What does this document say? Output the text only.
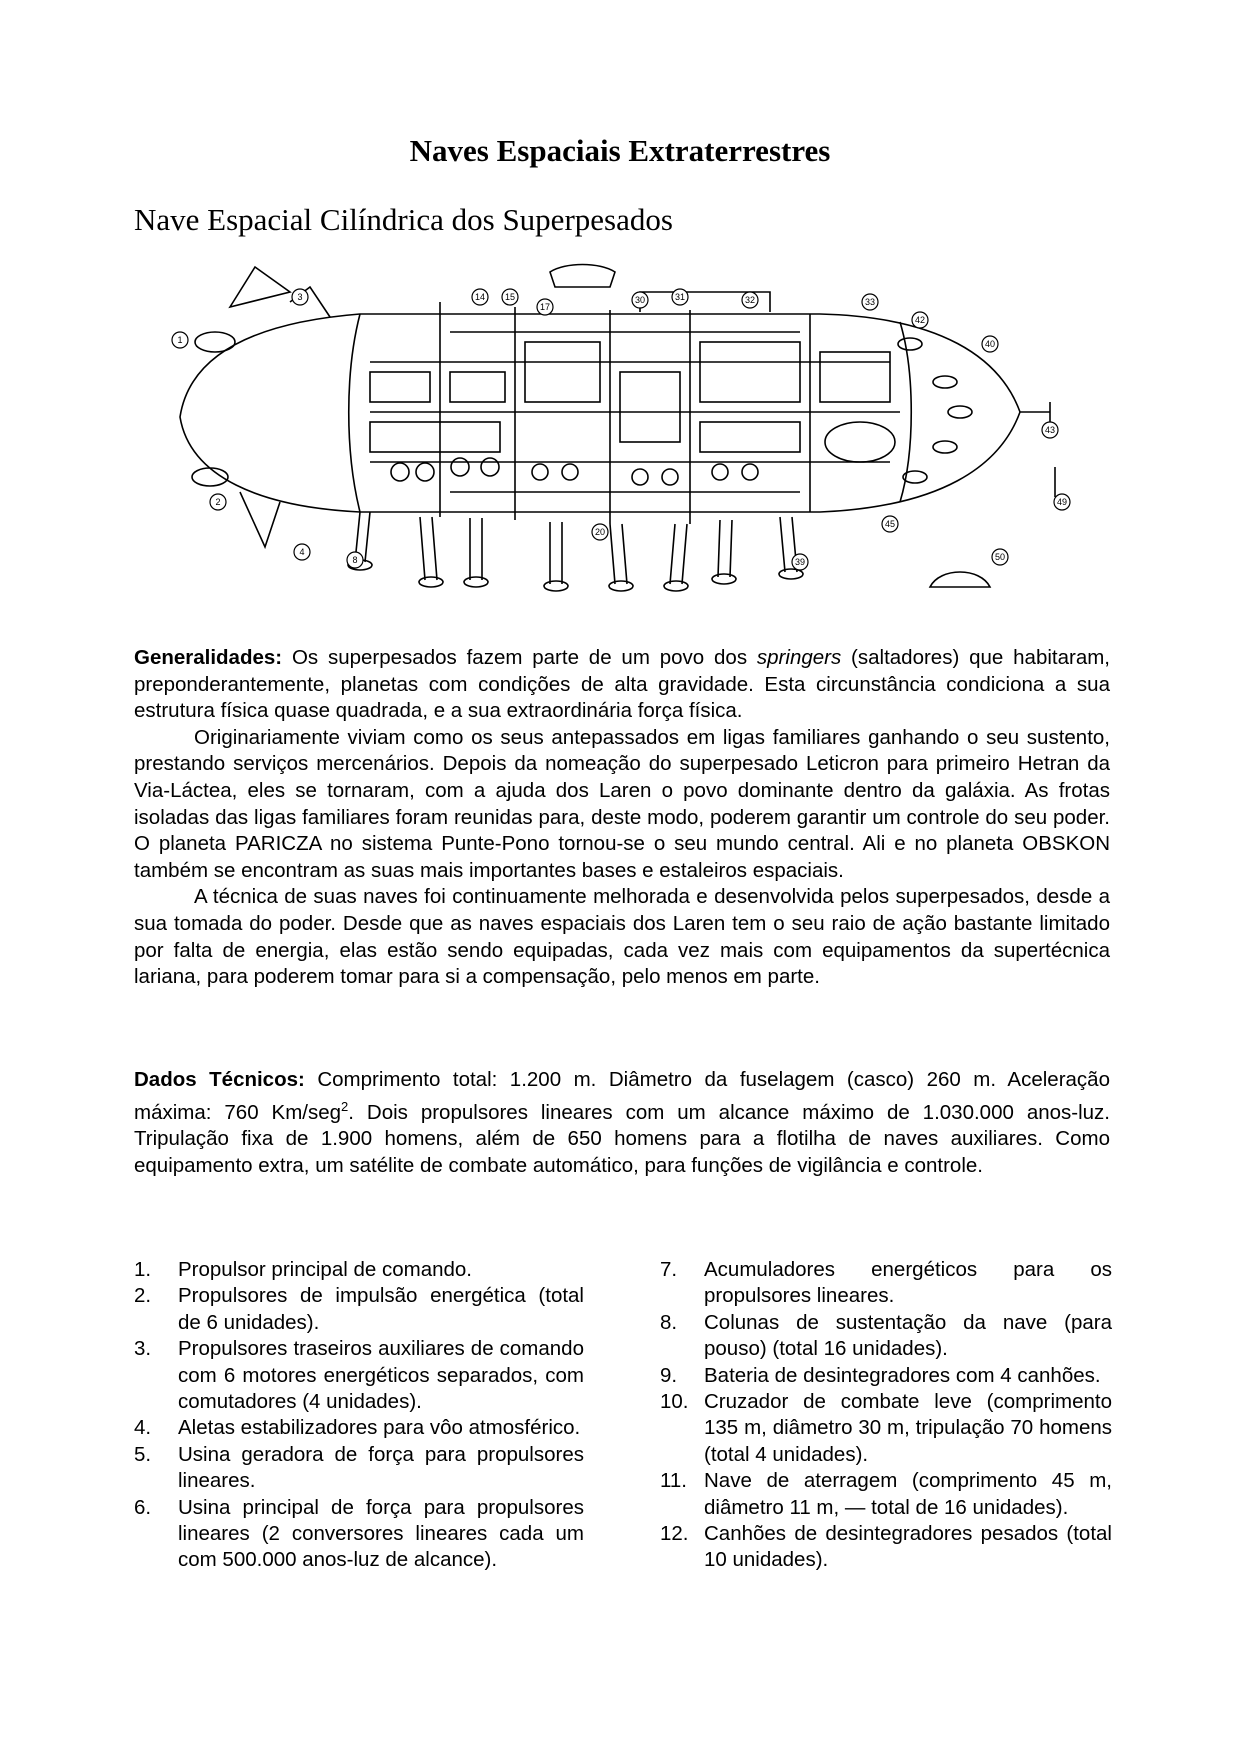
Naves Espaciais Extraterrestres
Nave Espacial Cilíndrica dos Superpesados
1
2
3
4
8
14 15
17
30	31	32	33
42
40
43
49
50
45
39
20

Generalidades: Os superpesados fazem parte de um povo dos springers (saltadores) que habitaram, preponderantemente, planetas com condições de alta gravidade. Esta circunstância condiciona a sua estrutura física quase quadrada, e a sua extraordinária força física.

Originariamente viviam como os seus antepassados em ligas familiares ganhando o seu sustento, prestando serviços mercenários. Depois da nomeação do superpesado Leticron para primeiro Hetran da Via-Láctea, eles se tornaram, com a ajuda dos Laren o povo dominante dentro da galáxia. As frotas isoladas das ligas familiares foram reunidas para, deste modo, poderem garantir um controle do seu poder. O planeta PARICZA no sistema Punte-Pono tornou-se o seu mundo central. Ali e no planeta OBSKON também se encontram as suas mais importantes bases e estaleiros espaciais.

A técnica de suas naves foi continuamente melhorada e desenvolvida pelos superpesados, desde a sua tomada do poder. Desde que as naves espaciais dos Laren tem o seu raio de ação bastante limitado por falta de energia, elas estão sendo equipadas, cada vez mais com equipamentos da supertécnica lariana, para poderem tomar para si a compensação, pelo menos em parte.

Dados Técnicos: Comprimento total: 1.200 m. Diâmetro da fuselagem (casco) 260 m. Aceleração máxima: 760 Km/seg$^2$. Dois propulsores lineares com um alcance máximo de 1.030.000 anos-luz. Tripulação fixa de 1.900 homens, além de 650 homens para a flotilha de naves auxiliares. Como equipamento extra, um satélite de combate automático, para funções de vigilância e controle.

1. Propulsor principal de comando.
2. Propulsores de impulsão energética (total de 6 unidades).
3. Propulsores traseiros auxiliares de comando com 6 motores energéticos separados, com comutadores (4 unidades).
4. Aletas estabilizadores para vôo atmosférico.
5. Usina geradora de força para propulsores lineares.
6. Usina principal de força para propulsores lineares (2 conversores lineares cada um com 500.000 anos-luz de alcance).
7. Acumuladores energéticos para os propulsores lineares.
8. Colunas de sustentação da nave (para pouso) (total 16 unidades).
9. Bateria de desintegradores com 4 canhões.
10. Cruzador de combate leve (comprimento 135 m, diâmetro 30 m, tripulação 70 homens (total 4 unidades).
11. Nave de aterragem (comprimento 45 m, diâmetro 11 m, — total de 16 unidades).
12. Canhões de desintegradores pesados (total 10 unidades).
